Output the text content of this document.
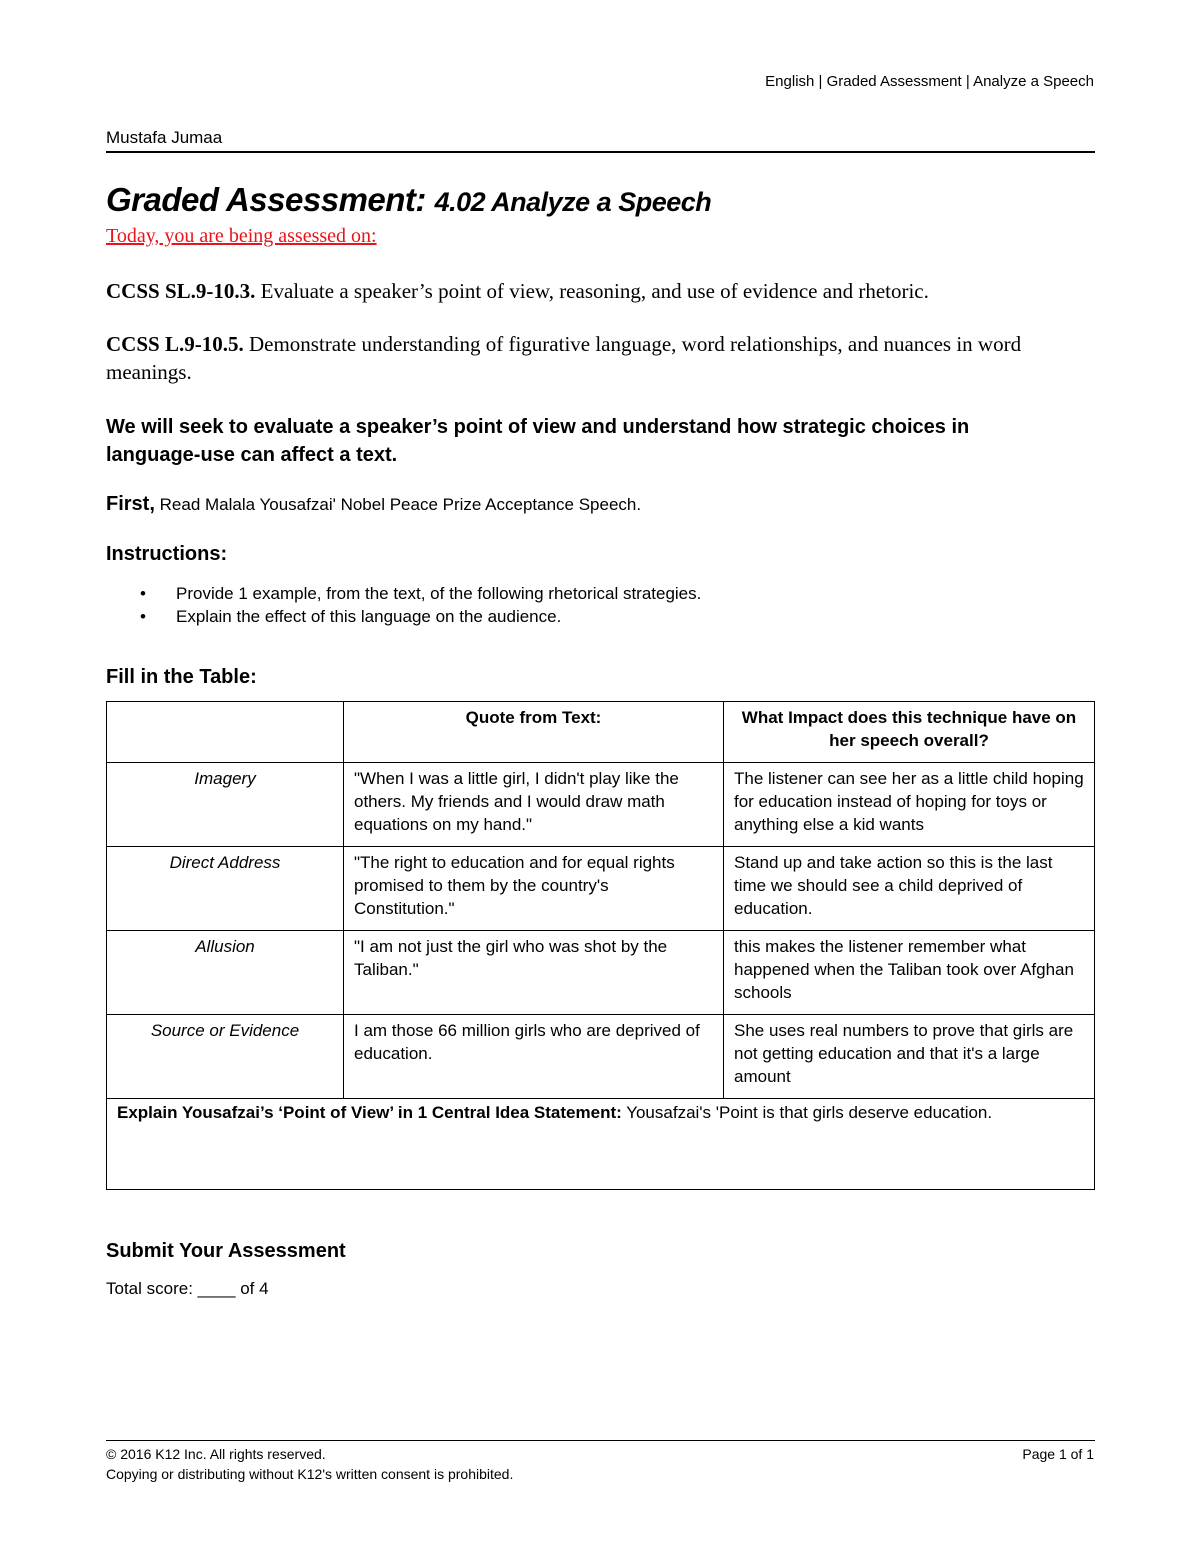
English | Graded Assessment | Analyze a Speech
Mustafa Jumaa
Graded Assessment: 4.02 Analyze a Speech
Today, you are being assessed on:
CCSS SL.9-10.3. Evaluate a speaker’s point of view, reasoning, and use of evidence and rhetoric.
CCSS L.9-10.5. Demonstrate understanding of figurative language, word relationships, and nuances in word meanings.
We will seek to evaluate a speaker’s point of view and understand how strategic choices in language-use can affect a text.
First, Read Malala Yousafzai' Nobel Peace Prize Acceptance Speech.
Instructions:
• Provide 1 example, from the text, of the following rhetorical strategies.
• Explain the effect of this language on the audience.
Fill in the Table:
	Quote from Text:	What Impact does this technique have on her speech overall?
Imagery	"When I was a little girl, I didn't play like the others. My friends and I would draw math equations on my hand."	The listener can see her as a little child hoping for education instead of hoping for toys or anything else a kid wants
Direct Address	"The right to education and for equal rights promised to them by the country's Constitution."	Stand up and take action so this is the last time we should see a child deprived of education.
Allusion	"I am not just the girl who was shot by the Taliban."	this makes the listener remember what happened when the Taliban took over Afghan schools
Source or Evidence	I am those 66 million girls who are deprived of education.	She uses real numbers to prove that girls are not getting education and that it's a large amount
Explain Yousafzai’s ‘Point of View’ in 1 Central Idea Statement: Yousafzai's 'Point is that girls deserve education.		
Submit Your Assessment
Total score: ____ of 4
© 2016 K12 Inc. All rights reserved.	Page 1 of 1
Copying or distributing without K12's written consent is prohibited.
